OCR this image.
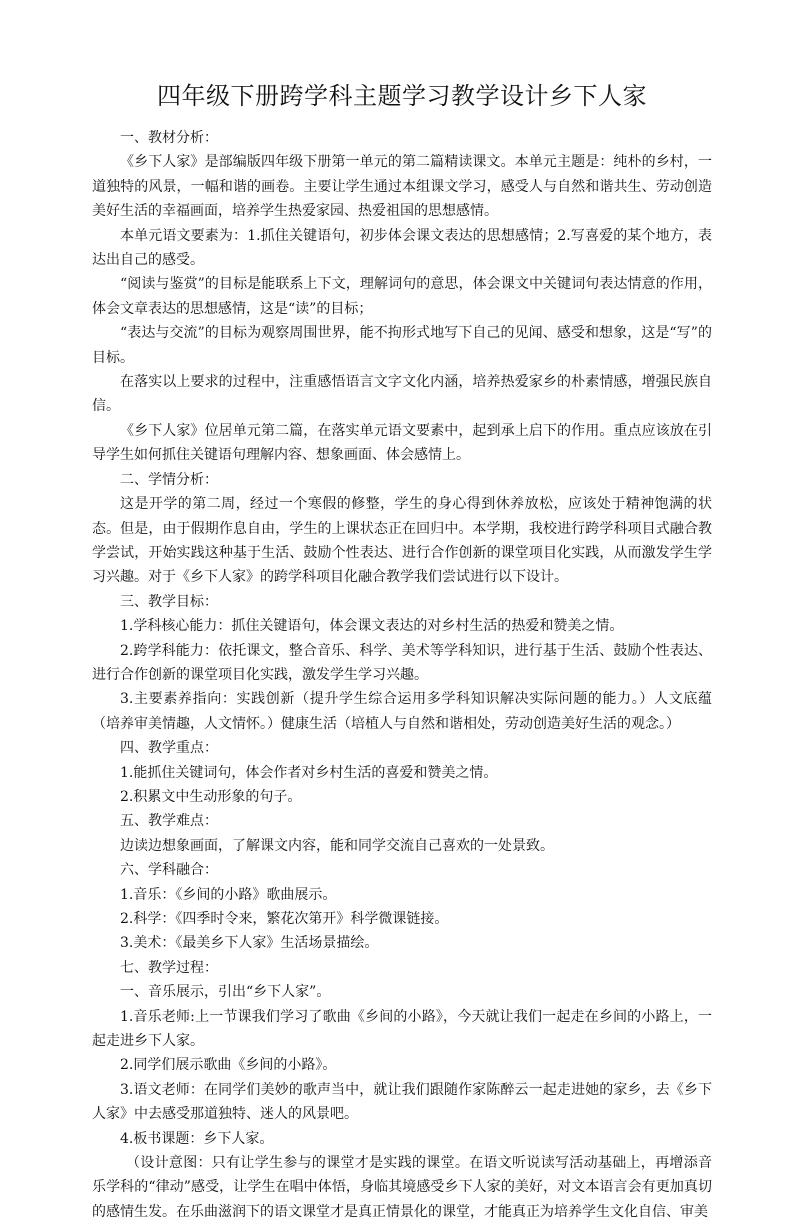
四年级下册跨学科主题学习教学设计乡下人家

一、教材分析：

《乡下人家》是部编版四年级下册第一单元的第二篇精读课文。本单元主题是：纯朴的乡村，一道独特的风景，一幅和谐的画卷。主要让学生通过本组课文学习，感受人与自然和谐共生、劳动创造美好生活的幸福画面，培养学生热爱家园、热爱祖国的思想感情。

本单元语文要素为：1.抓住关键语句，初步体会课文表达的思想感情；2.写喜爱的某个地方，表达出自己的感受。

“阅读与鉴赏”的目标是能联系上下文，理解词句的意思，体会课文中关键词句表达情意的作用，体会文章表达的思想感情，这是“读”的目标；

“表达与交流”的目标为观察周围世界，能不拘形式地写下自己的见闻、感受和想象，这是“写”的目标。

在落实以上要求的过程中，注重感悟语言文字文化内涵，培养热爱家乡的朴素情感，增强民族自信。

《乡下人家》位居单元第二篇，在落实单元语文要素中，起到承上启下的作用。重点应该放在引导学生如何抓住关键语句理解内容、想象画面、体会感情上。

二、学情分析：

这是开学的第二周，经过一个寒假的修整，学生的身心得到休养放松，应该处于精神饱满的状态。但是，由于假期作息自由，学生的上课状态正在回归中。本学期，我校进行跨学科项目式融合教学尝试，开始实践这种基于生活、鼓励个性表达、进行合作创新的课堂项目化实践，从而激发学生学习兴趣。对于《乡下人家》的跨学科项目化融合教学我们尝试进行以下设计。

三、教学目标：

1.学科核心能力：抓住关键语句，体会课文表达的对乡村生活的热爱和赞美之情。

2.跨学科能力：依托课文，整合音乐、科学、美术等学科知识，进行基于生活、鼓励个性表达、进行合作创新的课堂项目化实践，激发学生学习兴趣。

3.主要素养指向：实践创新（提升学生综合运用多学科知识解决实际问题的能力。）人文底蕴（培养审美情趣，人文情怀。）健康生活（培植人与自然和谐相处，劳动创造美好生活的观念。）

四、教学重点：

1.能抓住关键词句，体会作者对乡村生活的喜爱和赞美之情。

2.积累文中生动形象的句子。

五、教学难点：

边读边想象画面，了解课文内容，能和同学交流自己喜欢的一处景致。

六、学科融合：

1.音乐：《乡间的小路》歌曲展示。

2.科学：《四季时令来，繁花次第开》科学微课链接。

3.美术：《最美乡下人家》生活场景描绘。

七、教学过程：

一、音乐展示，引出“乡下人家”。

1.音乐老师:上一节课我们学习了歌曲《乡间的小路》，今天就让我们一起走在乡间的小路上，一起走进乡下人家。

2.同学们展示歌曲《乡间的小路》。

3.语文老师：在同学们美妙的歌声当中，就让我们跟随作家陈醉云一起走进她的家乡，去《乡下人家》中去感受那道独特、迷人的风景吧。

4.板书课题：乡下人家。

（设计意图：只有让学生参与的课堂才是实践的课堂。在语文听说读写活动基础上，再增添音乐学科的“律动”感受，让学生在唱中体悟，身临其境感受乡下人家的美好，对文本语言会有更加真切的感情生发。在乐曲滋润下的语文课堂才是真正情景化的课堂，才能真正为培养学生文化自信、审美
